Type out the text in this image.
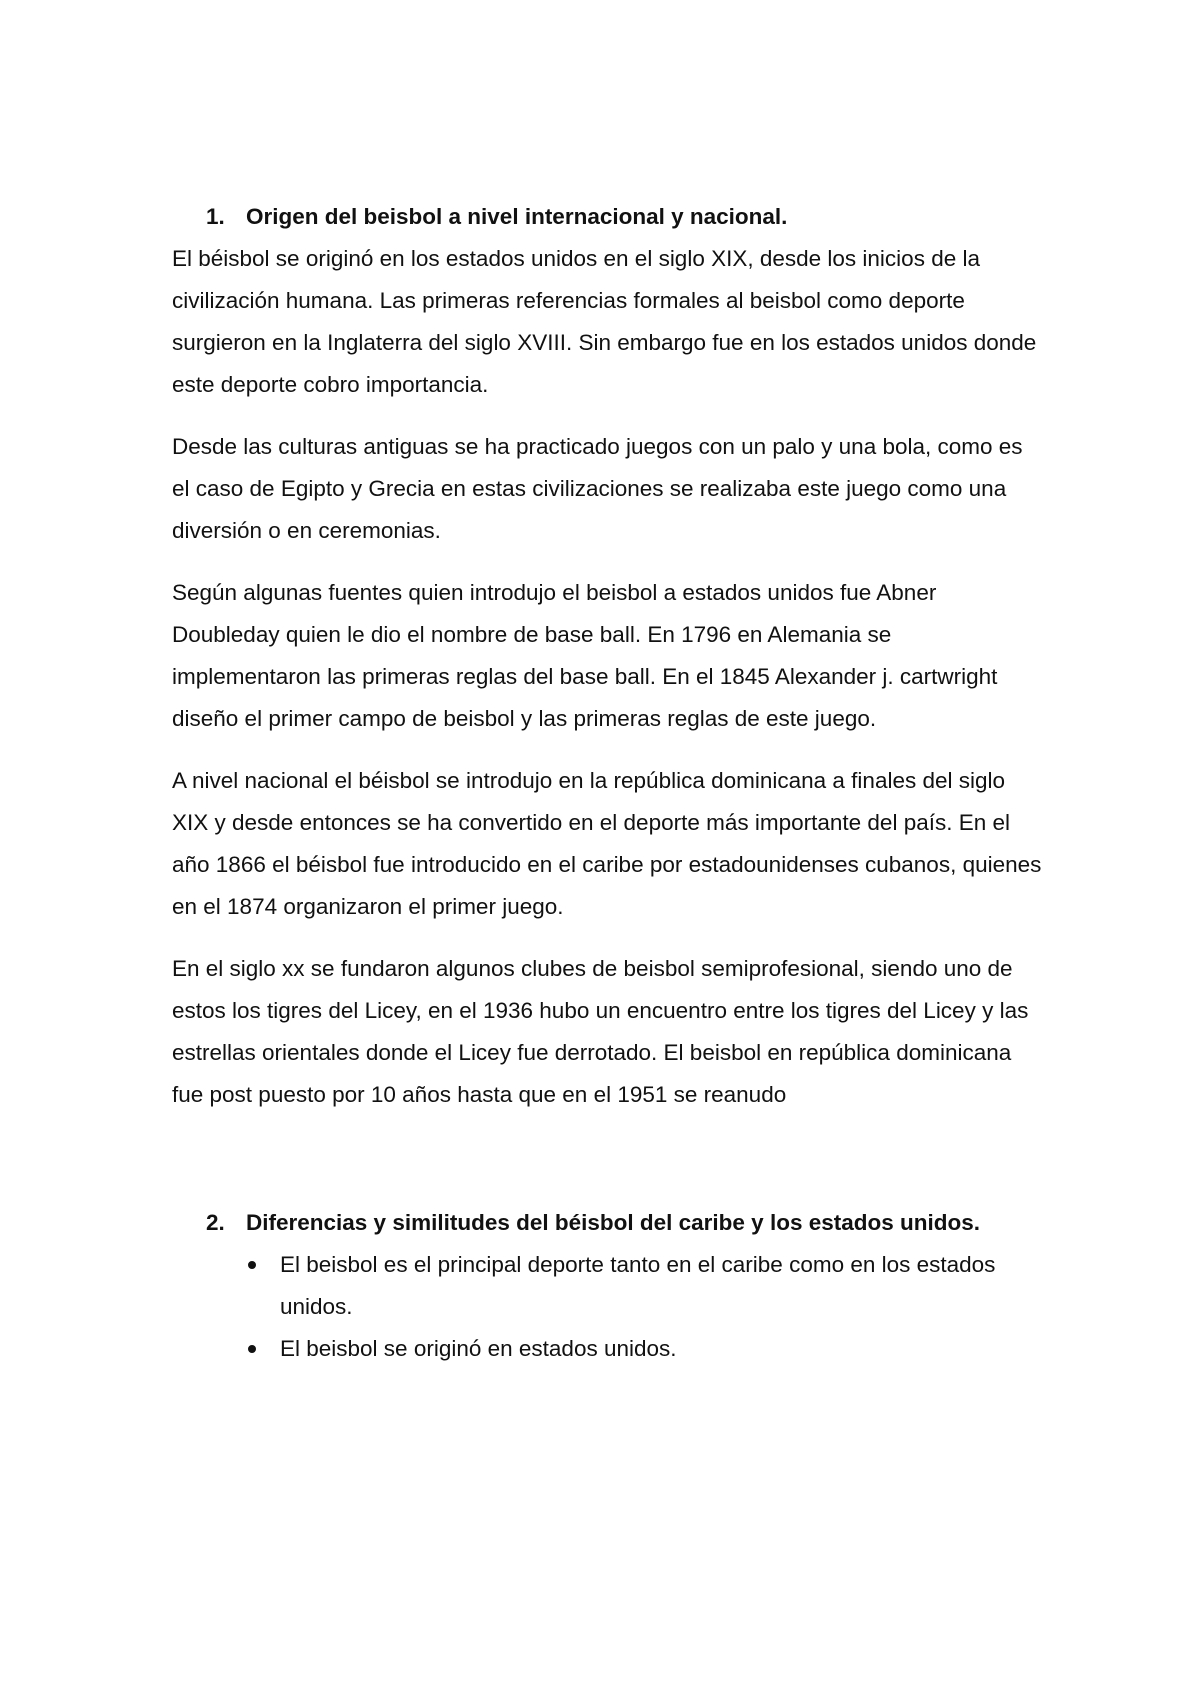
1. Origen del beisbol a nivel internacional y nacional.

El béisbol se originó en los estados unidos en el siglo XIX, desde los inicios de la civilización humana. Las primeras referencias formales al beisbol como deporte surgieron en la Inglaterra del siglo XVIII. Sin embargo fue en los estados unidos donde este deporte cobro importancia.

Desde las culturas antiguas se ha practicado juegos con un palo y una bola, como es el caso de Egipto y Grecia en estas civilizaciones se realizaba este juego como una diversión o en ceremonias.

Según algunas fuentes quien introdujo el beisbol a estados unidos fue Abner Doubleday quien le dio el nombre de base ball. En 1796 en Alemania se implementaron las primeras reglas del base ball. En el 1845 Alexander j. cartwright diseño el primer campo de beisbol y las primeras reglas de este juego.

A nivel nacional el béisbol se introdujo en la república dominicana a finales del siglo XIX y desde entonces se ha convertido en el deporte más importante del país. En el año 1866 el béisbol fue introducido en el caribe por estadounidenses cubanos, quienes en el 1874 organizaron el primer juego.

En el siglo xx se fundaron algunos clubes de beisbol semiprofesional, siendo uno de estos los tigres del Licey, en el 1936 hubo un encuentro entre los tigres del Licey y las estrellas orientales donde el Licey fue derrotado. El beisbol en república dominicana fue post puesto por 10 años hasta que en el 1951 se reanudo

2. Diferencias y similitudes del béisbol del caribe y los estados unidos.
El beisbol es el principal deporte tanto en el caribe como en los estados unidos.
El beisbol se originó en estados unidos.
